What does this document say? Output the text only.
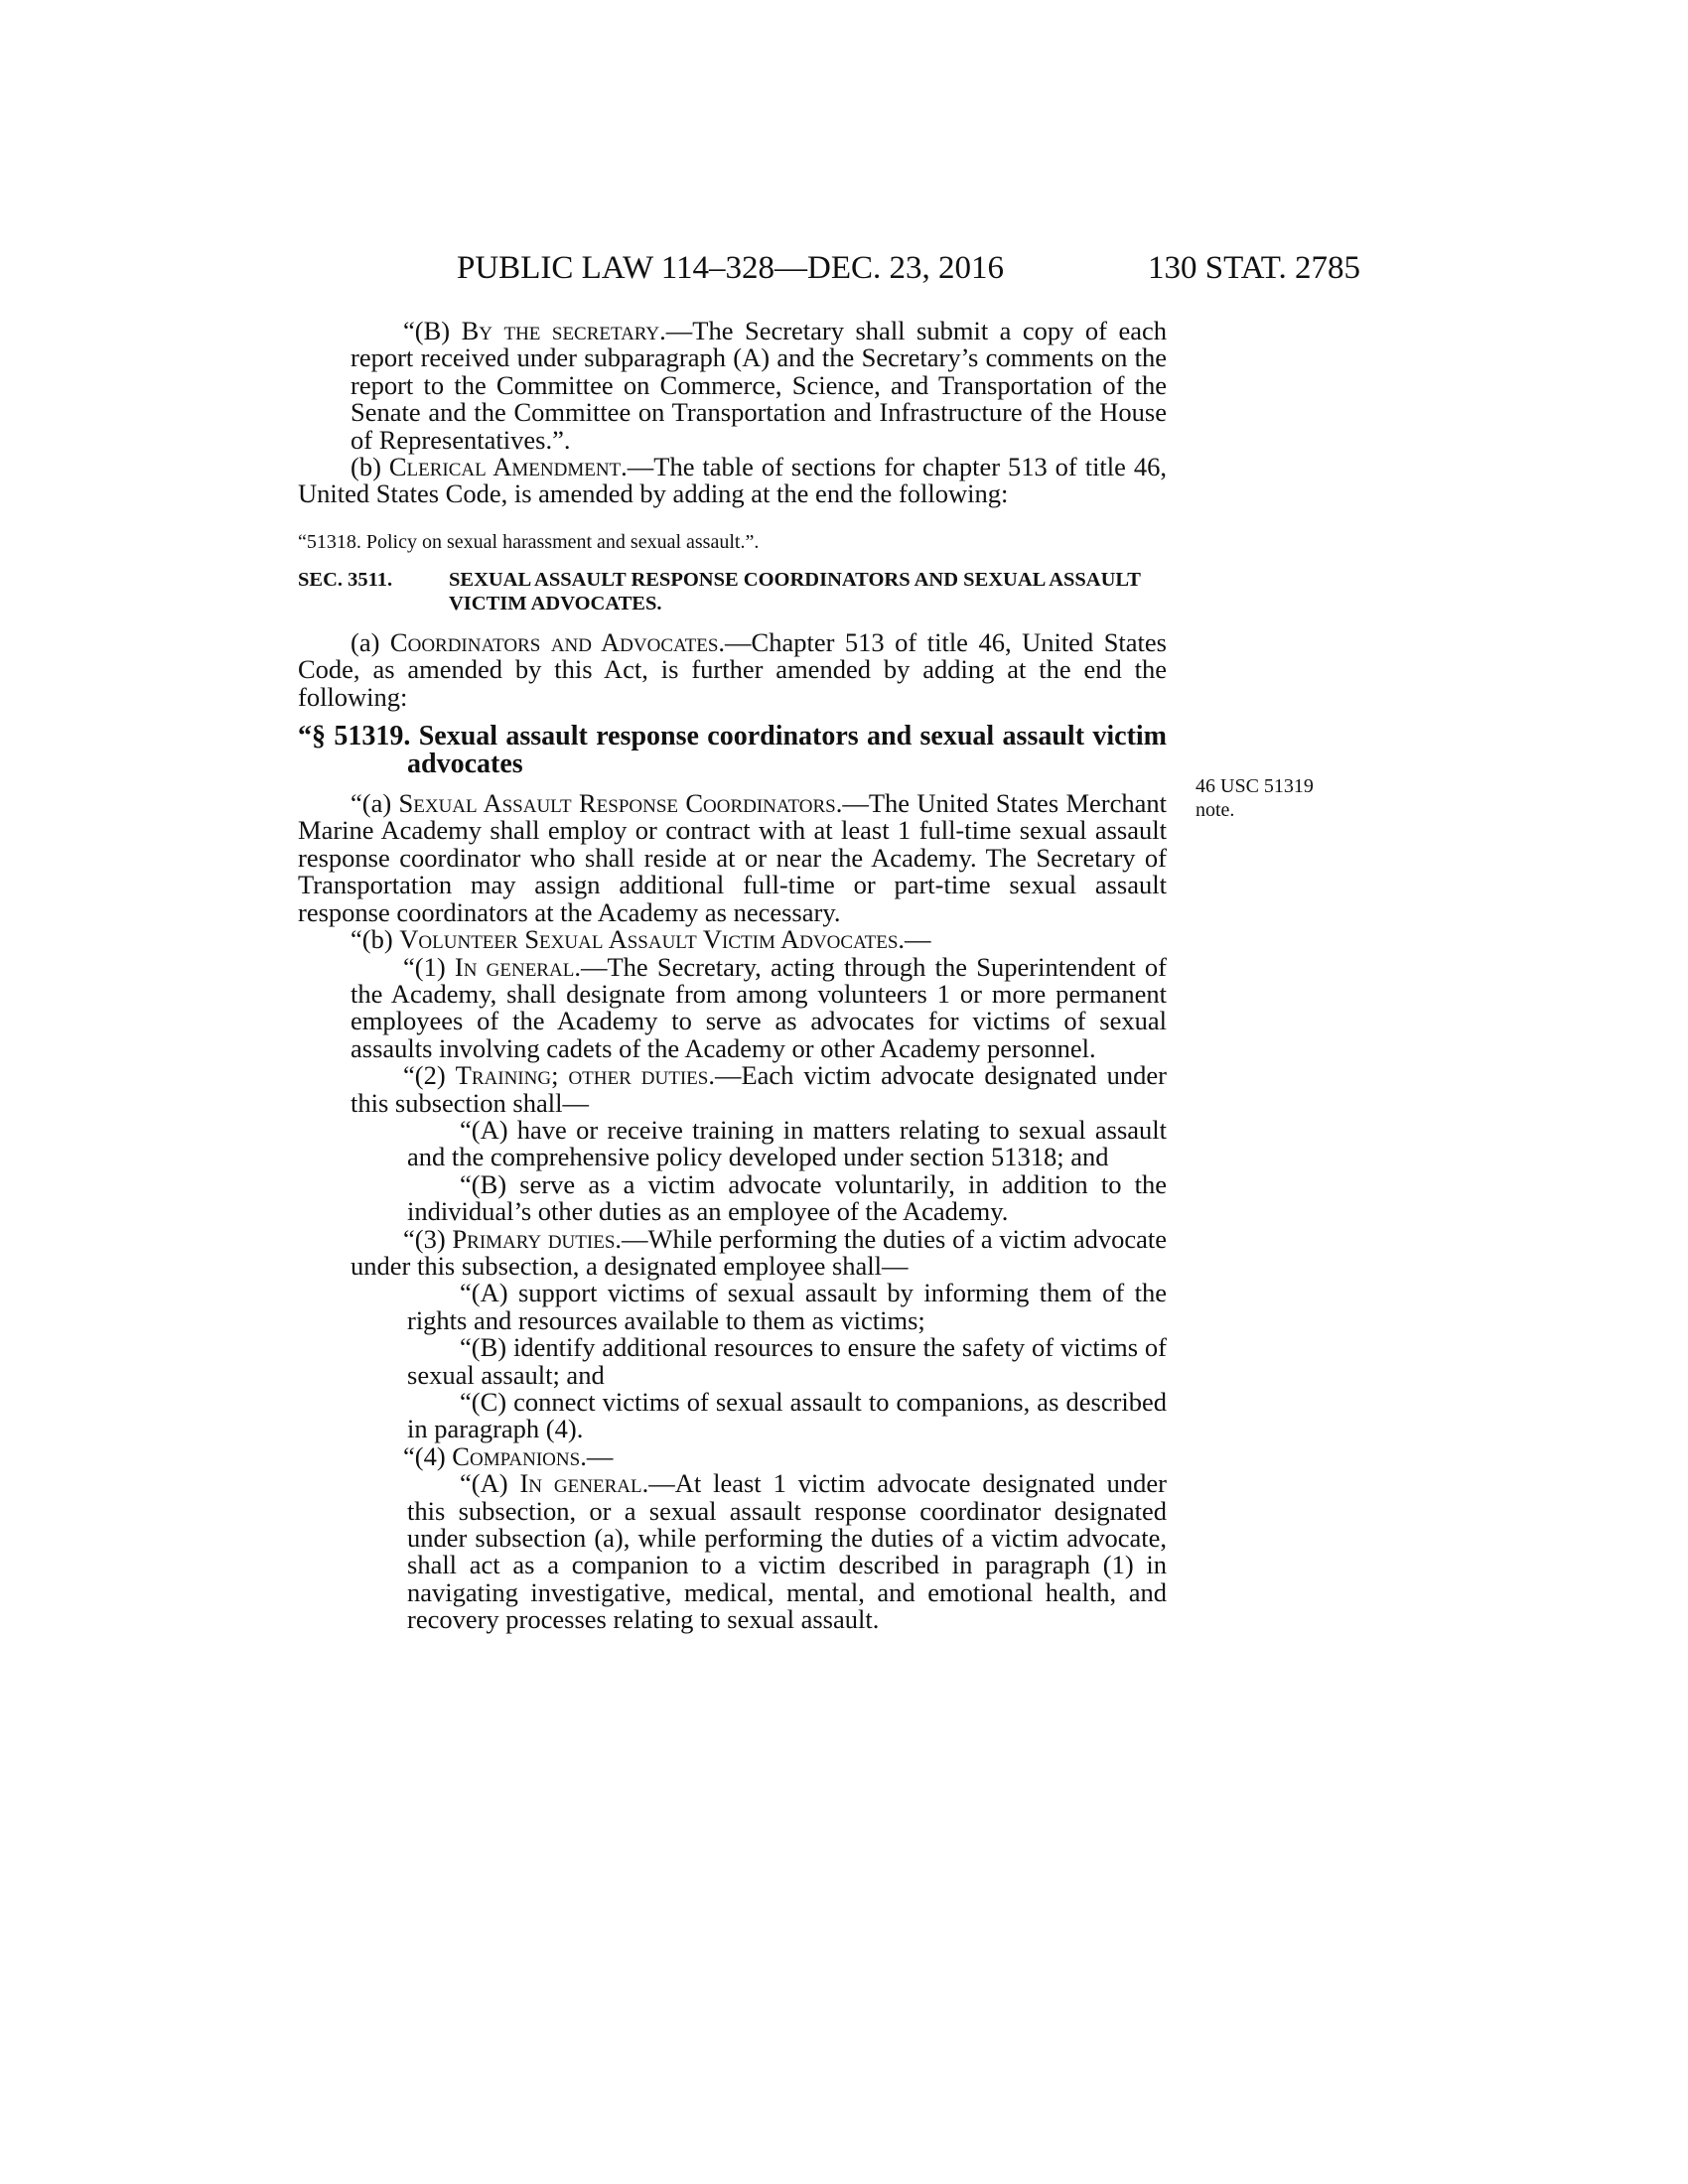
PUBLIC LAW 114–328—DEC. 23, 2016	130 STAT. 2785
46 USC 51319
note.

“(B) By the secretary.—The Secretary shall submit a copy of each report received under subparagraph (A) and the Secretary’s comments on the report to the Committee on Commerce, Science, and Transportation of the Senate and the Committee on Transportation and Infrastructure of the House of Representatives.”.

(b) Clerical Amendment.—The table of sections for chapter 513 of title 46, United States Code, is amended by adding at the end the following:

“51318. Policy on sexual harassment and sexual assault.”.

SEC. 3511.	SEXUAL ASSAULT RESPONSE COORDINATORS AND SEXUAL ASSAULT VICTIM ADVOCATES.

(a) Coordinators and Advocates.—Chapter 513 of title 46, United States Code, as amended by this Act, is further amended by adding at the end the following:

“§ 51319. Sexual assault response coordinators and sexual assault victim advocates

“(a) Sexual Assault Response Coordinators.—The United States Merchant Marine Academy shall employ or contract with at least 1 full-time sexual assault response coordinator who shall reside at or near the Academy. The Secretary of Transportation may assign additional full-time or part-time sexual assault response coordinators at the Academy as necessary.

“(b) Volunteer Sexual Assault Victim Advocates.—

“(1) In general.—The Secretary, acting through the Superintendent of the Academy, shall designate from among volunteers 1 or more permanent employees of the Academy to serve as advocates for victims of sexual assaults involving cadets of the Academy or other Academy personnel.

“(2) Training; other duties.—Each victim advocate designated under this subsection shall—

“(A) have or receive training in matters relating to sexual assault and the comprehensive policy developed under section 51318; and

“(B) serve as a victim advocate voluntarily, in addition to the individual’s other duties as an employee of the Academy.

“(3) Primary duties.—While performing the duties of a victim advocate under this subsection, a designated employee shall—

“(A) support victims of sexual assault by informing them of the rights and resources available to them as victims;

“(B) identify additional resources to ensure the safety of victims of sexual assault; and

“(C) connect victims of sexual assault to companions, as described in paragraph (4).

“(4) Companions.—

“(A) In general.—At least 1 victim advocate designated under this subsection, or a sexual assault response coordinator designated under subsection (a), while performing the duties of a victim advocate, shall act as a companion to a victim described in paragraph (1) in navigating investigative, medical, mental, and emotional health, and recovery processes relating to sexual assault.
